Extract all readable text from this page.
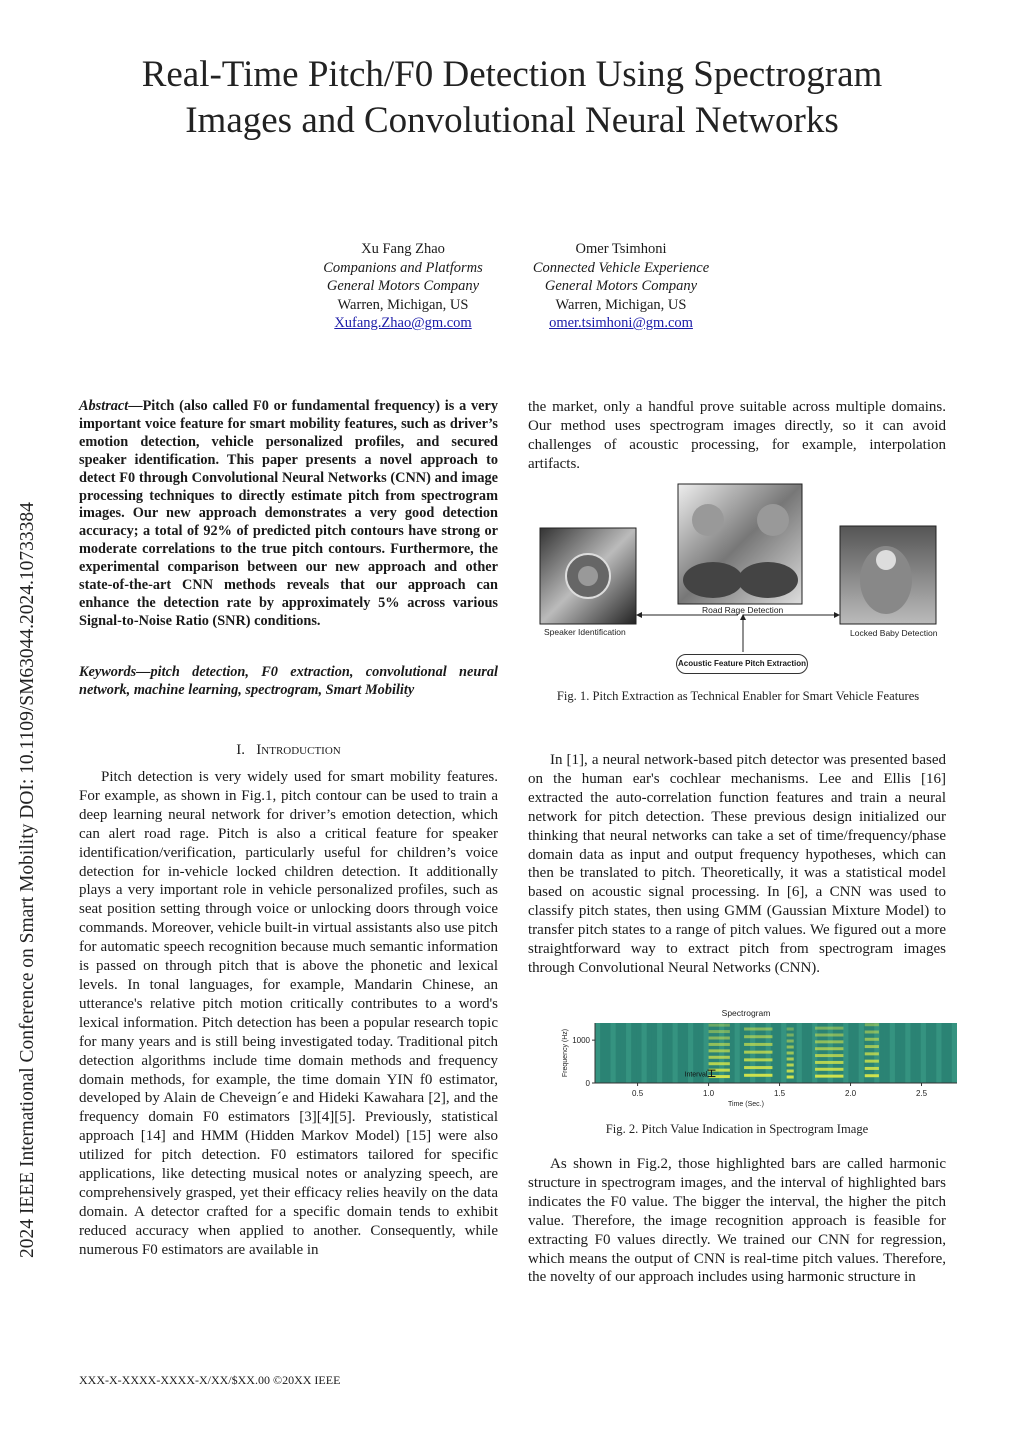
Real-Time Pitch/F0 Detection Using Spectrogram
Images and Convolutional Neural Networks
Xu Fang Zhao
Companions and Platforms
General Motors Company
Warren, Michigan, US
Xufang.Zhao@gm.com
Omer Tsimhoni
Connected Vehicle Experience
General Motors Company
Warren, Michigan, US
omer.tsimhoni@gm.com
2024 IEEE International Conference on Smart Mobility DOI: 10.1109/SM63044.2024.10733384
Abstract—Pitch (also called F0 or fundamental frequency) is a very important voice feature for smart mobility features, such as driver’s emotion detection, vehicle personalized profiles, and secured speaker identification. This paper presents a novel approach to detect F0 through Convolutional Neural Networks (CNN) and image processing techniques to directly estimate pitch from spectrogram images. Our new approach demonstrates a very good detection accuracy; a total of 92% of predicted pitch contours have strong or moderate correlations to the true pitch contours. Furthermore, the experimental comparison between our new approach and other state-of-the-art CNN methods reveals that our approach can enhance the detection rate by approximately 5% across various Signal-to-Noise Ratio (SNR) conditions.
Keywords—pitch detection, F0 extraction, convolutional neural network, machine learning, spectrogram, Smart Mobility
I. Introduction

Pitch detection is very widely used for smart mobility features. For example, as shown in Fig.1, pitch contour can be used to train a deep learning neural network for driver’s emotion detection, which can alert road rage. Pitch is also a critical feature for speaker identification/verification, particularly useful for children’s voice detection for in-vehicle locked children detection. It additionally plays a very important role in vehicle personalized profiles, such as seat position setting through voice or unlocking doors through voice commands. Moreover, vehicle built-in virtual assistants also use pitch for automatic speech recognition because much semantic information is passed on through pitch that is above the phonetic and lexical levels. In tonal languages, for example, Mandarin Chinese, an utterance's relative pitch motion critically contributes to a word's lexical information. Pitch detection has been a popular research topic for many years and is still being investigated today. Traditional pitch detection algorithms include time domain methods and frequency domain methods, for example, the time domain YIN f0 estimator, developed by Alain de Cheveign´e and Hideki Kawahara [2], and the frequency domain F0 estimators [3][4][5]. Previously, statistical approach [14] and HMM (Hidden Markov Model) [15] were also utilized for pitch detection. F0 estimators tailored for specific applications, like detecting musical notes or analyzing speech, are comprehensively grasped, yet their efficacy relies heavily on the data domain. A detector crafted for a specific domain tends to exhibit reduced accuracy when applied to another. Consequently, while numerous F0 estimators are available in

the market, only a handful prove suitable across multiple domains. Our method uses spectrogram images directly, so it can avoid challenges of acoustic processing, for example, interpolation artifacts.

Speaker Identification
Road Rage Detection
Locked Baby Detection
Acoustic Feature Pitch Extraction
Fig. 1. Pitch Extraction as Technical Enabler for Smart Vehicle Features

In [1], a neural network-based pitch detector was presented based on the human ear's cochlear mechanisms. Lee and Ellis [16] extracted the auto-correlation function features and train a neural network for pitch detection. These previous design initialized our thinking that neural networks can take a set of time/frequency/phase domain data as input and output frequency hypotheses, which can then be translated to pitch. Theoretically, it was a statistical model based on acoustic signal processing. In [6], a CNN was used to classify pitch states, then using GMM (Gaussian Mixture Model) to transfer pitch states to a range of pitch values. We figured out a more straightforward way to extract pitch from spectrogram images through Convolutional Neural Networks (CNN).

0.5	1.0	1.5	2.0	2.5
0
1000
Spectrogram
Time (Sec.)
Frequency (Hz)	Interval
Fig. 2. Pitch Value Indication in Spectrogram Image

As shown in Fig.2, those highlighted bars are called harmonic structure in spectrogram images, and the interval of highlighted bars indicates the F0 value. The bigger the interval, the higher the pitch value. Therefore, the image recognition approach is feasible for extracting F0 values directly. We trained our CNN for regression, which means the output of CNN is real-time pitch values. Therefore, the novelty of our approach includes using harmonic structure in

XXX-X-XXXX-XXXX-X/XX/$XX.00 ©20XX IEEE
